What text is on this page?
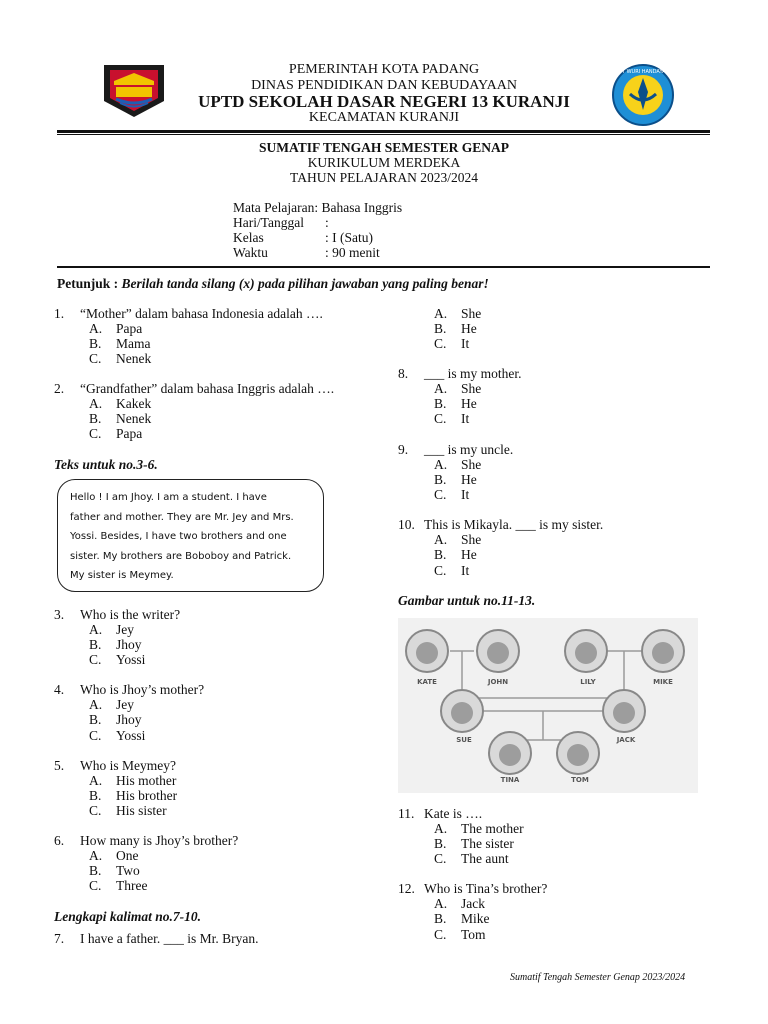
TUT WURI HANDAYANI
PEMERINTAH KOTA PADANG
DINAS PENDIDIKAN DAN KEBUDAYAAN
UPTD SEKOLAH DASAR NEGERI 13 KURANJI
KECAMATAN KURANJI
SUMATIF TENGAH SEMESTER GENAP
KURIKULUM MERDEKA
TAHUN PELAJARAN 2023/2024
Mata Pelajaran: Bahasa Inggris
Hari/Tanggal :
Kelas	: I (Satu)
Waktu	: 90 menit
Petunjuk : Berilah tanda silang (x) pada pilihan jawaban yang paling benar!
1. “Mother” dalam bahasa Indonesia adalah ….
A. Papa
B. Mama
C. Nenek
2. “Grandfather” dalam bahasa Inggris adalah ….
A. Kakek
B. Nenek
C. Papa
Teks untuk no.3-6.
Hello ! I am Jhoy. I am a student. I have
father and mother. They are Mr. Jey and Mrs.
Yossi. Besides, I have two brothers and one
sister. My brothers are Boboboy and Patrick.
My sister is Meymey.
3. Who is the writer?
A. Jey
B. Jhoy
C. Yossi
4. Who is Jhoy’s mother?
A. Jey
B. Jhoy
C. Yossi
5. Who is Meymey?
A. His mother
B. His brother
C. His sister
6. How many is Jhoy’s brother?
A. One
B. Two
C. Three
Lengkapi kalimat no.7-10.
7. I have a father. ___ is Mr. Bryan.
A. She
B. He
C. It
8. ___ is my mother.
A. She
B. He
C. It
9. ___ is my uncle.
A. She
B. He
C. It
10. This is Mikayla. ___ is my sister.
A. She
B. He
C. It
Gambar untuk no.11-13.
KATE	JOHN	LILY	MIKE
SUE	JACK
TINA	TOM
11. Kate is ….
A. The mother
B. The sister
C. The aunt
12. Who is Tina’s brother?
A. Jack
B. Mike
C. Tom
Sumatif Tengah Semester Genap 2023/2024
